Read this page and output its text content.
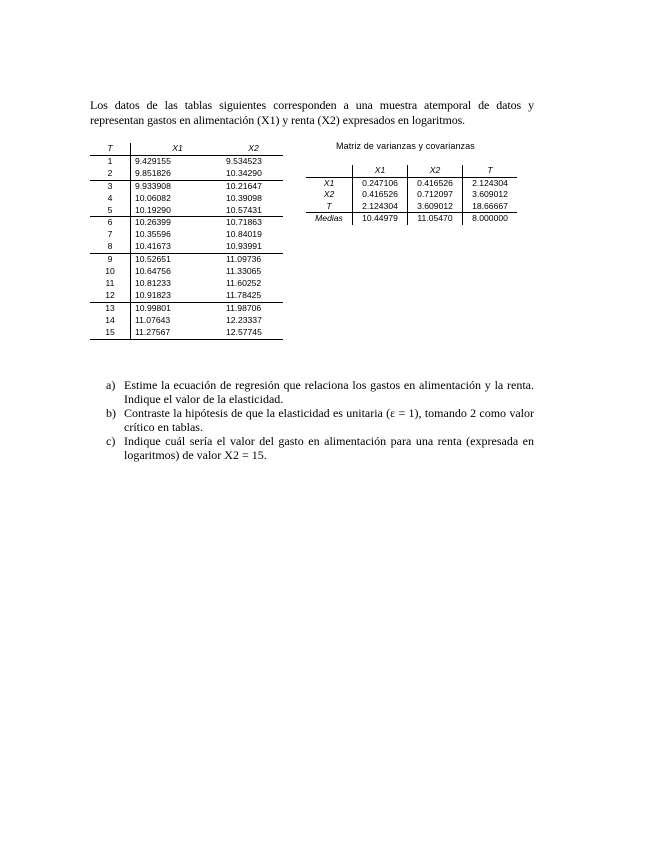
Los datos de las tablas siguientes corresponden a una muestra atemporal de datos y representan gastos en alimentación (X1) y renta (X2) expresados en logaritmos.

T	X1	X2
1	9.429155	9.534523
2	9.851826	10.34290
3	9.933908	10.21647
4	10.06082	10.39098
5	10.19290	10.57431
6	10.26399	10.71863
7	10.35596	10.84019
8	10.41673	10.93991
9	10.52651	11.09736
10	10.64756	11.33065
11	10.81233	11.60252
12	10.91823	11.78425
13	10.99801	11.98706
14	11.07643	12.23337
15	11.27567	12.57745
Matriz de varianzas y covarianzas
	X1	X2	T
X1	0.247106	0.416526	2.124304
X2	0.416526	0.712097	3.609012
T	2.124304	3.609012	18.66667
Medias	10.44979	11.05470	8.000000
a) Estime la ecuación de regresión que relaciona los gastos en alimentación y la renta. Indique el valor de la elasticidad.
b) Contraste la hipótesis de que la elasticidad es unitaria (ε = 1), tomando 2 como valor crítico en tablas.
c) Indique cuál sería el valor del gasto en alimentación para una renta (expresada en logaritmos) de valor X2 = 15.
